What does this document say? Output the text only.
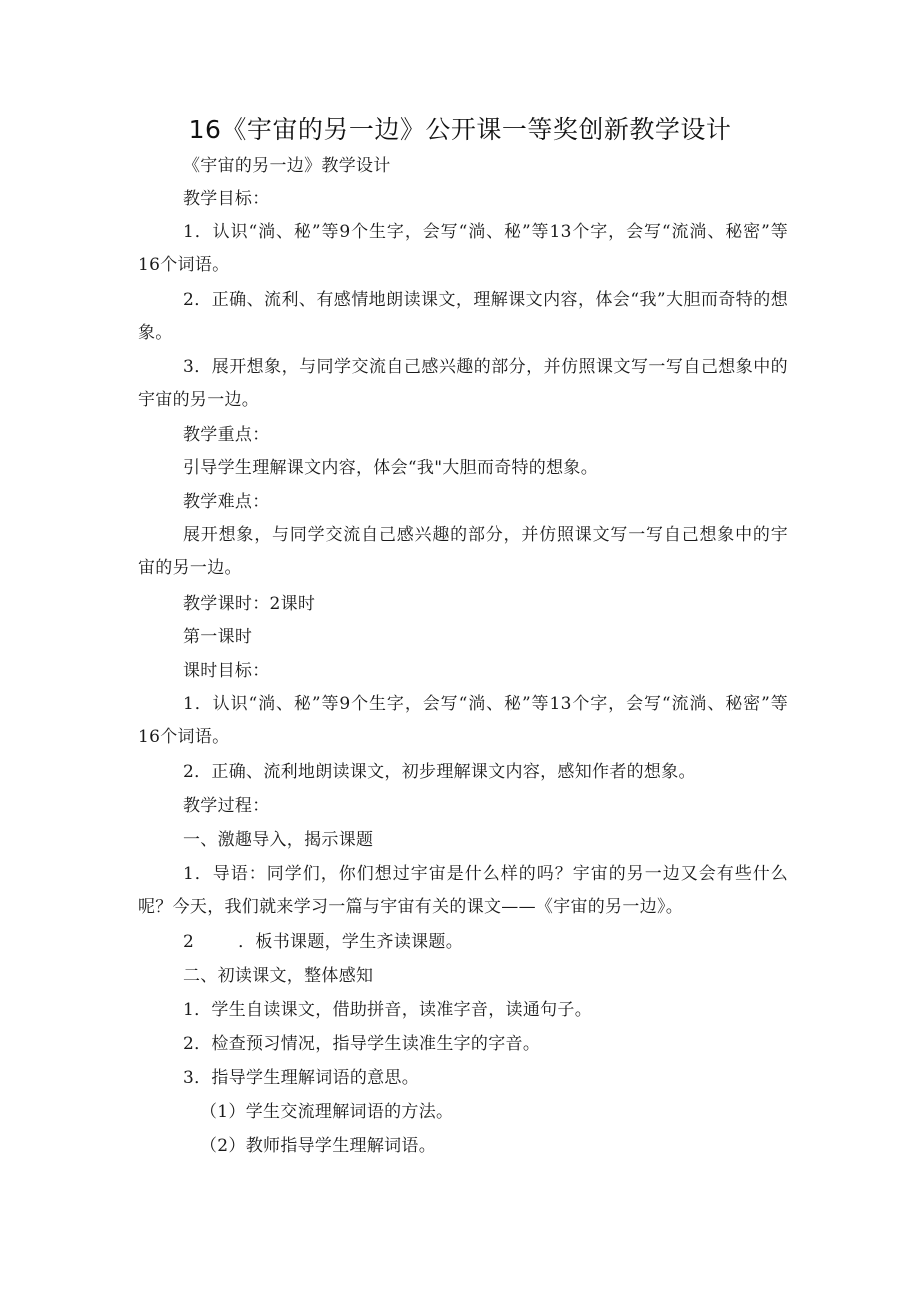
16《宇宙的另一边》公开课一等奖创新教学设计
《宇宙的另一边》教学设计
教学目标：
1．认识“淌、秘”等9个生字，会写“淌、秘”等13个字，会写“流淌、秘密”等16个词语。
2．正确、流利、有感情地朗读课文，理解课文内容，体会“我”大胆而奇特的想象。
3．展开想象，与同学交流自己感兴趣的部分，并仿照课文写一写自己想象中的宇宙的另一边。
教学重点：
引导学生理解课文内容，体会“我"大胆而奇特的想象。
教学难点：
展开想象，与同学交流自己感兴趣的部分，并仿照课文写一写自己想象中的宇宙的另一边。
教学课时：2课时
第一课时
课时目标：
1．认识“淌、秘”等9个生字，会写“淌、秘”等13个字，会写“流淌、秘密”等16个词语。
2．正确、流利地朗读课文，初步理解课文内容，感知作者的想象。
教学过程：
一、激趣导入，揭示课题
1．导语：同学们，你们想过宇宙是什么样的吗？宇宙的另一边又会有些什么呢？今天，我们就来学习一篇与宇宙有关的课文——《宇宙的另一边》。
2	．板书课题，学生齐读课题。
二、初读课文，整体感知
1．学生自读课文，借助拼音，读准字音，读通句子。
2．检查预习情况，指导学生读准生字的字音。
3．指导学生理解词语的意思。
（1）学生交流理解词语的方法。
（2）教师指导学生理解词语。
